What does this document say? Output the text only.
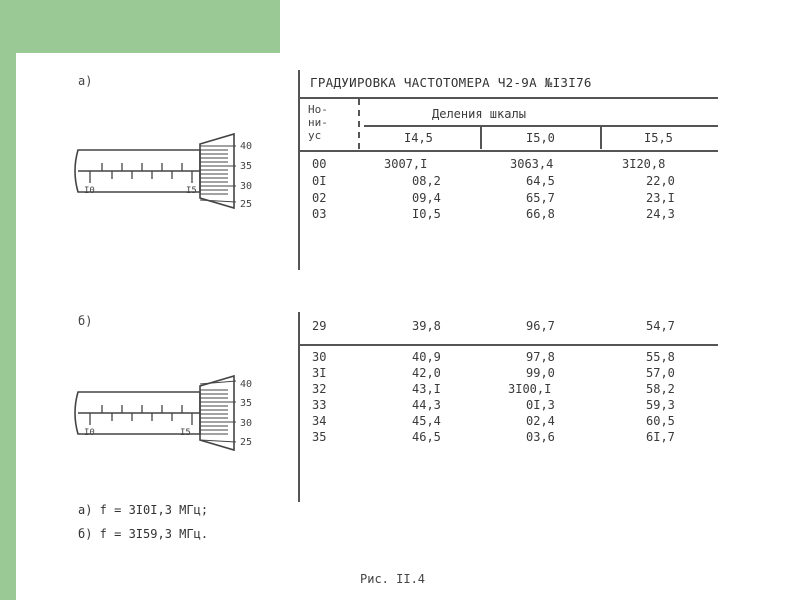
а)
б)
I0	I5
40
35
30
25
I0	I5
40
35
30
25
ГРАДУИРОВКА ЧАСТОТОМЕРА Ч2-9А №I3I76
Но-
ни-
ус
Деления шкалы
I4,5	I5,0	I5,5
00	3007,I	3063,4	3I20,8
0I	08,2	64,5	22,0
02	09,4	65,7	23,I
03	I0,5	66,8	24,3
29	39,8	96,7	54,7
30	40,9	97,8	55,8
3I	42,0	99,0	57,0
32	43,I	3I00,I	58,2
33	44,3	0I,3	59,3
34	45,4	02,4	60,5
35	46,5	03,6	6I,7
а) f = 3I0I,3 МГц;
б) f = 3I59,3 МГц.
Рис. II.4
